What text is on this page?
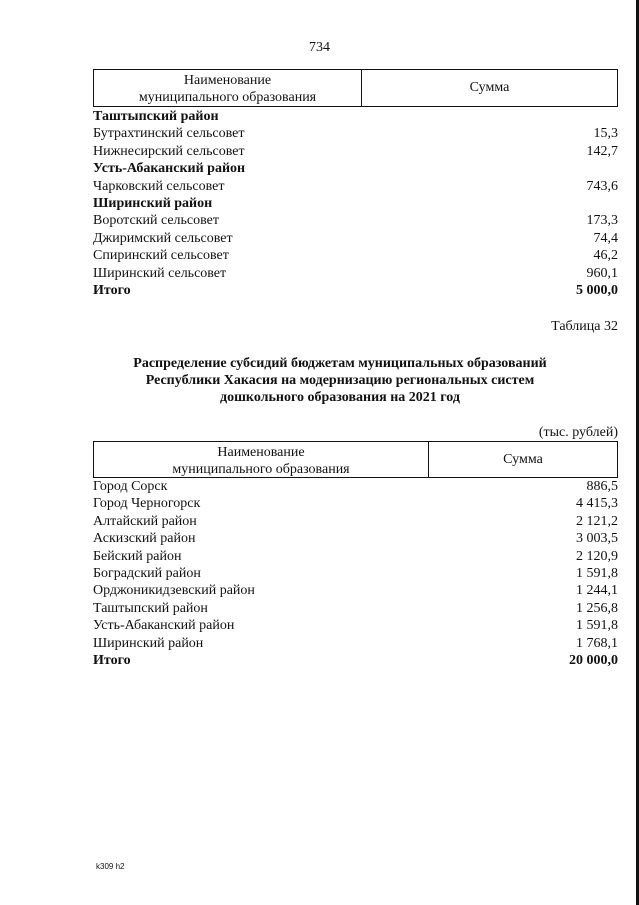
734
Наименование
муниципального образования
Сумма
Таштыпский район
Бутрахтинский сельсовет	15,3
Нижнесирский сельсовет	142,7
Усть-Абаканский район
Чарковский сельсовет	743,6
Ширинский район
Воротский сельсовет	173,3
Джиримский сельсовет	74,4
Спиринский сельсовет	46,2
Ширинский сельсовет	960,1
Итого	5 000,0
Таблица 32
Распределение субсидий бюджетам муниципальных образований
Республики Хакасия на модернизацию региональных систем
дошкольного образования на 2021 год
(тыс. рублей)
Наименование
муниципального образования
Сумма
Город Сорск	886,5
Город Черногорск	4 415,3
Алтайский район	2 121,2
Аскизский район	3 003,5
Бейский район	2 120,9
Боградский район	1 591,8
Орджоникидзевский район	1 244,1
Таштыпский район	1 256,8
Усть-Абаканский район	1 591,8
Ширинский район	1 768,1
Итого	20 000,0
k309 h2
